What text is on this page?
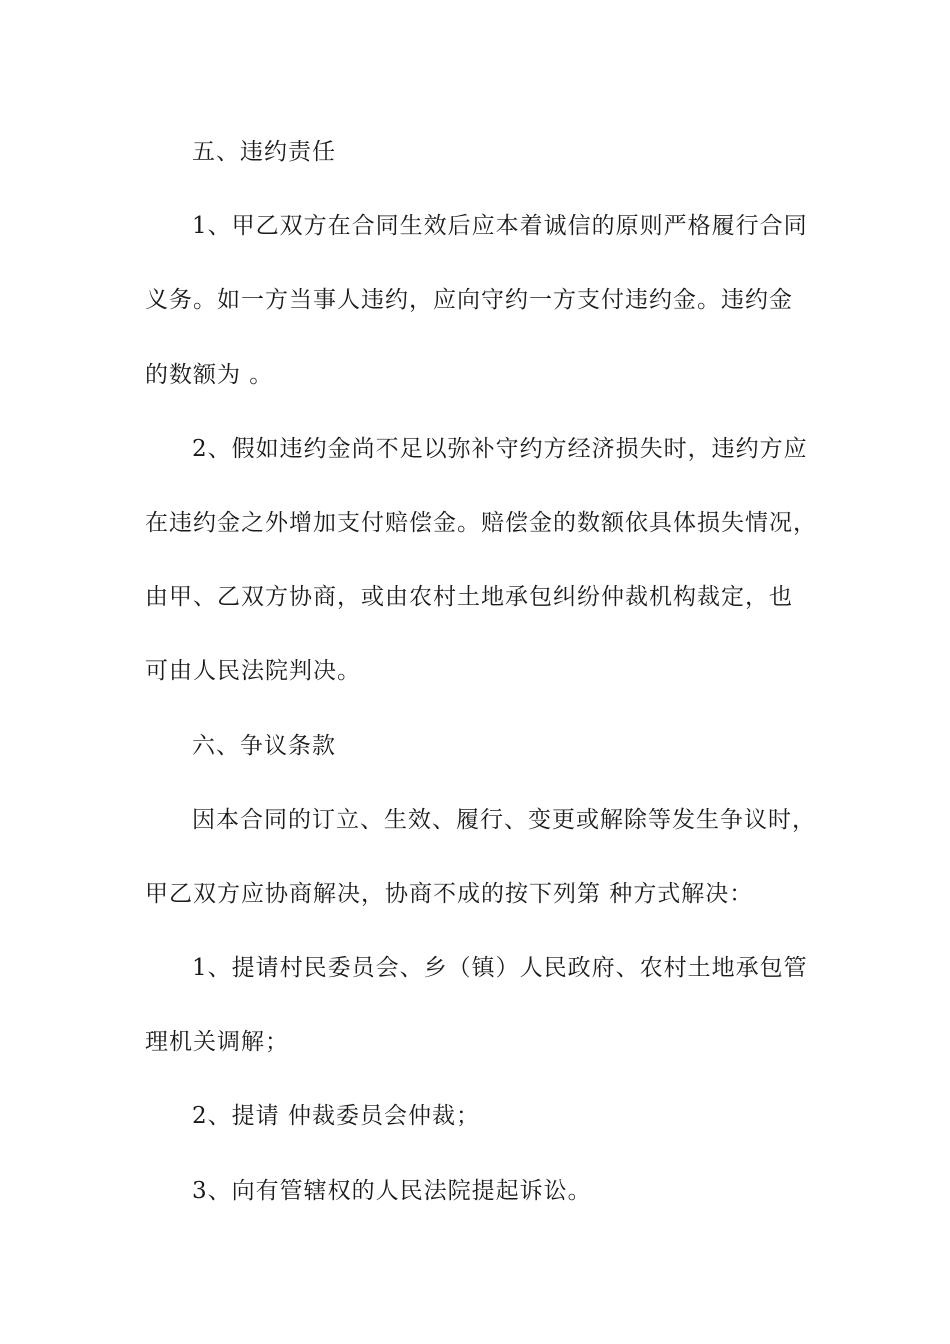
五、违约责任
1、甲乙双方在合同生效后应本着诚信的原则严格履行合同
义务。如一方当事人违约，应向守约一方支付违约金。违约金
的数额为 。
2、假如违约金尚不足以弥补守约方经济损失时，违约方应
在违约金之外增加支付赔偿金。赔偿金的数额依具体损失情况，
由甲、乙双方协商，或由农村土地承包纠纷仲裁机构裁定，也
可由人民法院判决。
六、争议条款
因本合同的订立、生效、履行、变更或解除等发生争议时，
甲乙双方应协商解决，协商不成的按下列第 种方式解决：
1、提请村民委员会、乡（镇）人民政府、农村土地承包管
理机关调解；
2、提请 仲裁委员会仲裁；
3、向有管辖权的人民法院提起诉讼。
